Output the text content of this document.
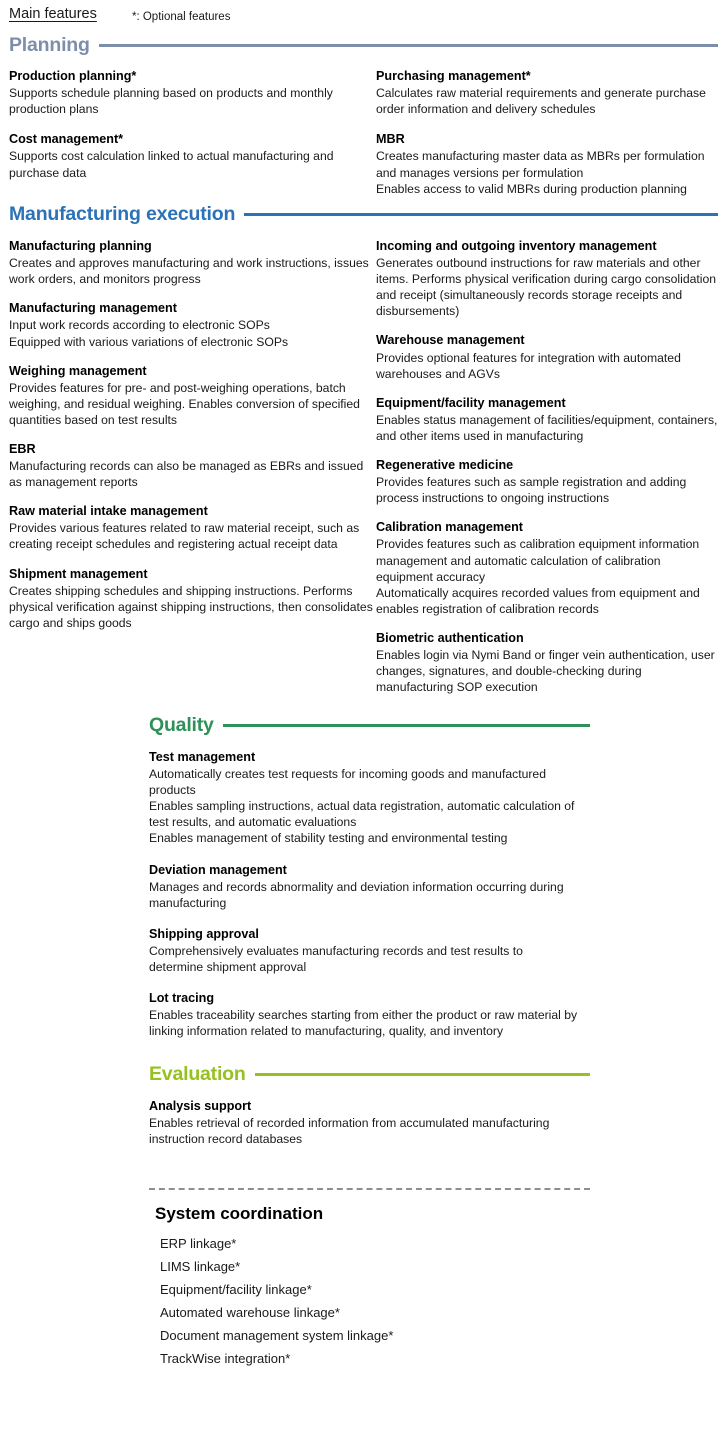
Main features	*: Optional features
Planning
Production planning*

Supports schedule planning based on products and monthly production plans

Cost management*

Supports cost calculation linked to actual manufacturing and purchase data

Purchasing management*

Calculates raw material requirements and generate purchase order information and delivery schedules

MBR

Creates manufacturing master data as MBRs per formulation and manages versions per formulation
Enables access to valid MBRs during production planning

Manufacturing execution
Manufacturing planning

Creates and approves manufacturing and work instructions, issues work orders, and monitors progress

Manufacturing management

Input work records according to electronic SOPs
Equipped with various variations of electronic SOPs

Weighing management

Provides features for pre- and post-weighing operations, batch weighing, and residual weighing. Enables conversion of specified quantities based on test results

EBR

Manufacturing records can also be managed as EBRs and issued as management reports

Raw material intake management

Provides various features related to raw material receipt, such as creating receipt schedules and registering actual receipt data

Shipment management

Creates shipping schedules and shipping instructions. Performs physical verification against shipping instructions, then consolidates cargo and ships goods

Incoming and outgoing inventory management

Generates outbound instructions for raw materials and other items. Performs physical verification during cargo consolidation and receipt (simultaneously records storage receipts and disbursements)

Warehouse management

Provides optional features for integration with automated warehouses and AGVs

Equipment/facility management

Enables status management of facilities/equipment, containers, and other items used in manufacturing

Regenerative medicine

Provides features such as sample registration and adding process instructions to ongoing instructions

Calibration management

Provides features such as calibration equipment information management and automatic calculation of calibration equipment accuracy
Automatically acquires recorded values from equipment and enables registration of calibration records

Biometric authentication

Enables login via Nymi Band or finger vein authentication, user changes, signatures, and double-checking during manufacturing SOP execution

Quality
Test management

Automatically creates test requests for incoming goods and manufactured products
Enables sampling instructions, actual data registration, automatic calculation of test results, and automatic evaluations
Enables management of stability testing and environmental testing

Deviation management

Manages and records abnormality and deviation information occurring during manufacturing

Shipping approval

Comprehensively evaluates manufacturing records and test results to determine shipment approval

Lot tracing

Enables traceability searches starting from either the product or raw material by linking information related to manufacturing, quality, and inventory

Evaluation
Analysis support

Enables retrieval of recorded information from accumulated manufacturing instruction record databases

System coordination
ERP linkage*
LIMS linkage*
Equipment/facility linkage*
Automated warehouse linkage*
Document management system linkage*
TrackWise integration*
